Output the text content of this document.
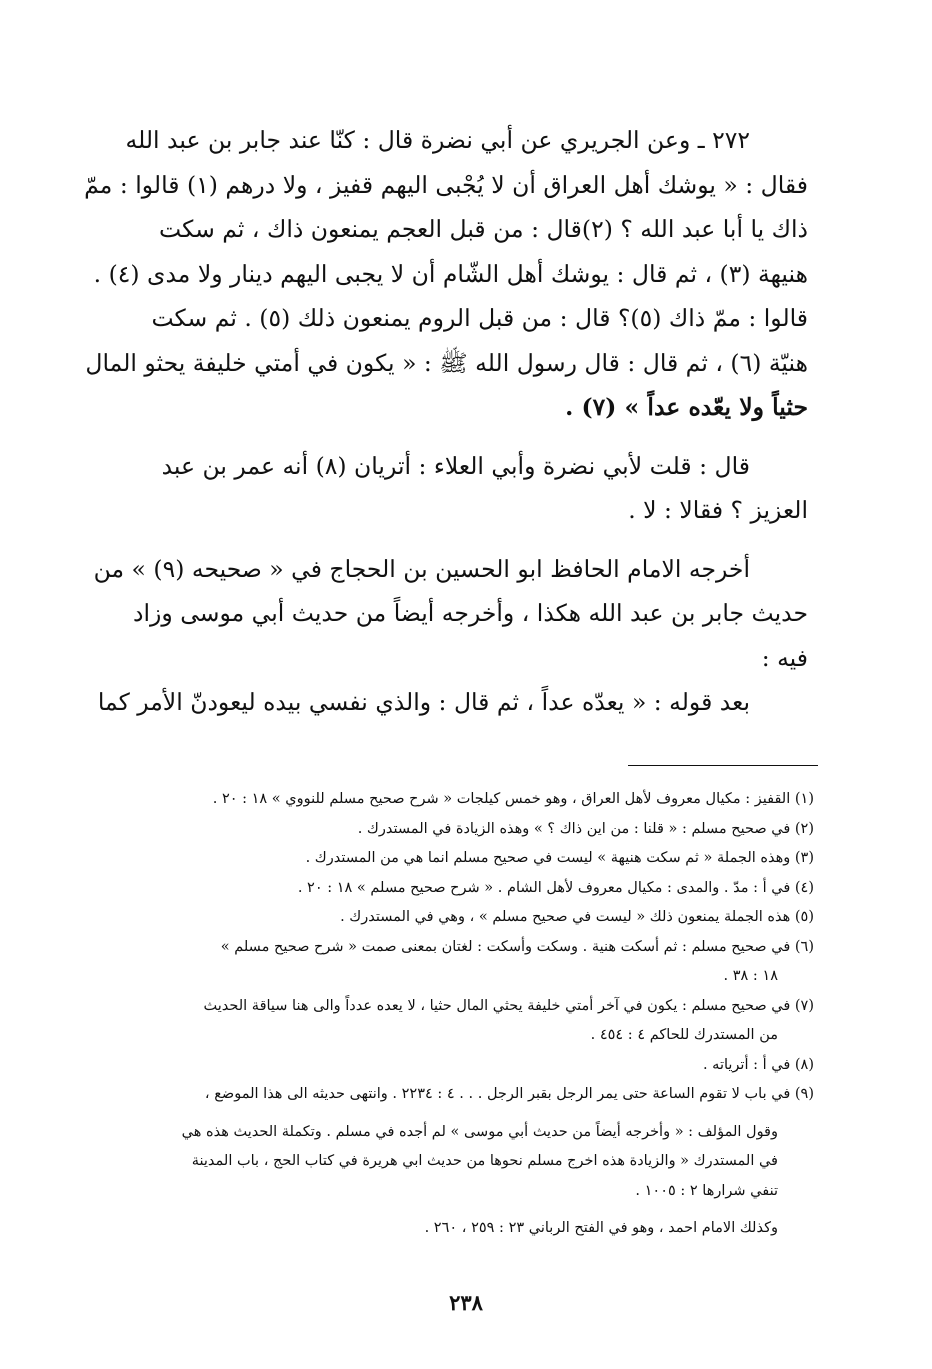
٢٧٢ ـ وعن الجريري عن أبي نضرة قال : كنّا عند جابر بن عبد الله
فقال : « يوشك أهل العراق أن لا يُجْبى اليهم قفيز ، ولا درهم (١) قالوا : ممّ
ذاك يا أبا عبد الله ؟ (٢)قال : من قبل العجم يمنعون ذاك ، ثم سكت
هنيهة (٣) ، ثم قال : يوشك أهل الشّام أن لا يجبى اليهم دينار ولا مدى (٤) .
قالوا : ممّ ذاك (٥)؟ قال : من قبل الروم يمنعون ذلك (٥) . ثم سكت
هنيّة (٦) ، ثم قال : قال رسول الله ﷺ : « يكون في أمتي خليفة يحثو المال
حثياً ولا يعّده عداً » (٧) .
قال : قلت لأبي نضرة وأبي العلاء : أتريان (٨) أنه عمر بن عبد
العزيز ؟ فقالا : لا .
أخرجه الامام الحافظ ابو الحسين بن الحجاج في « صحيحه (٩) » من
حديث جابر بن عبد الله هكذا ، وأخرجه أيضاً من حديث أبي موسى وزاد
فيه :
بعد قوله : « يعدّه عداً ، ثم قال : والذي نفسي بيده ليعودنّ الأمر كما
(١) القفيز : مكيال معروف لأهل العراق ، وهو خمس كيلجات « شرح صحيح مسلم للنووي » ١٨ : ٢٠ .
(٢) في صحيح مسلم : « قلنا : من اين ذاك ؟ » وهذه الزيادة في المستدرك .
(٣) وهذه الجملة « ثم سكت هنيهة » ليست في صحيح مسلم انما هي من المستدرك .
(٤) في أ : مدّ . والمدى : مكيال معروف لأهل الشام . « شرح صحيح مسلم » ١٨ : ٢٠ .
(٥) هذه الجملة يمنعون ذلك « ليست في صحيح مسلم » ، وهي في المستدرك .
(٦) في صحيح مسلم : ثم أسكت هنية . وسكت وأسكت : لغتان بمعنى صمت « شرح صحيح مسلم »
١٨ : ٣٨ .
(٧) في صحيح مسلم : يكون في آخر أمتي خليفة يحثي المال حثيا ، لا يعده عدداً والى هنا سياقة الحديث
من المستدرك للحاكم ٤ : ٤٥٤ .
(٨) في أ : أترياته .
(٩) في باب لا تقوم الساعة حتى يمر الرجل بقبر الرجل . . . ٤ : ٢٢٣٤ . وانتهى حديثه الى هذا الموضع ،
وقول المؤلف : « وأخرجه أيضاً من حديث أبي موسى » لم أجده في مسلم . وتكملة الحديث هذه هي
في المستدرك « والزيادة هذه اخرج مسلم نحوها من حديث ابي هريرة في كتاب الحج ، باب المدينة
تنفي شرارها ٢ : ١٠٠٥ .
وكذلك الامام احمد ، وهو في الفتح الرباني ٢٣ : ٢٥٩ ، ٢٦٠ .
٢٣٨
